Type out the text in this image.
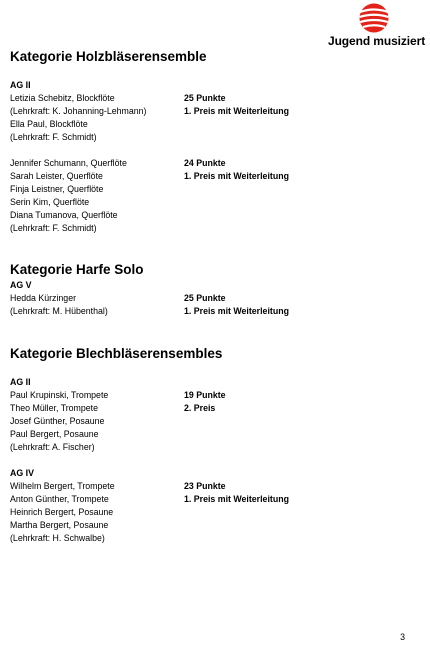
Jugend musiziert
Kategorie Holzbläserensemble
AG II
Letizia Schebitz, Blockflöte
(Lehrkraft: K. Johanning-Lehmann)
Ella Paul, Blockflöte
(Lehrkraft: F. Schmidt)
25 Punkte
1. Preis mit Weiterleitung
Jennifer Schumann, Querflöte
Sarah Leister, Querflöte
Finja Leistner, Querflöte
Serin Kim, Querflöte
Diana Tumanova, Querflöte
(Lehrkraft: F. Schmidt)
24 Punkte
1. Preis mit Weiterleitung
Kategorie Harfe Solo
AG V
Hedda Kürzinger
(Lehrkraft: M. Hübenthal)
25 Punkte
1. Preis mit Weiterleitung
Kategorie Blechbläserensembles
AG II
Paul Krupinski, Trompete
Theo Müller, Trompete
Josef Günther, Posaune
Paul Bergert, Posaune
(Lehrkraft: A. Fischer)
19 Punkte
2. Preis
AG IV
Wilhelm Bergert, Trompete
Anton Günther, Trompete
Heinrich Bergert, Posaune
Martha Bergert, Posaune
(Lehrkraft: H. Schwalbe)
23 Punkte
1. Preis mit Weiterleitung
3
